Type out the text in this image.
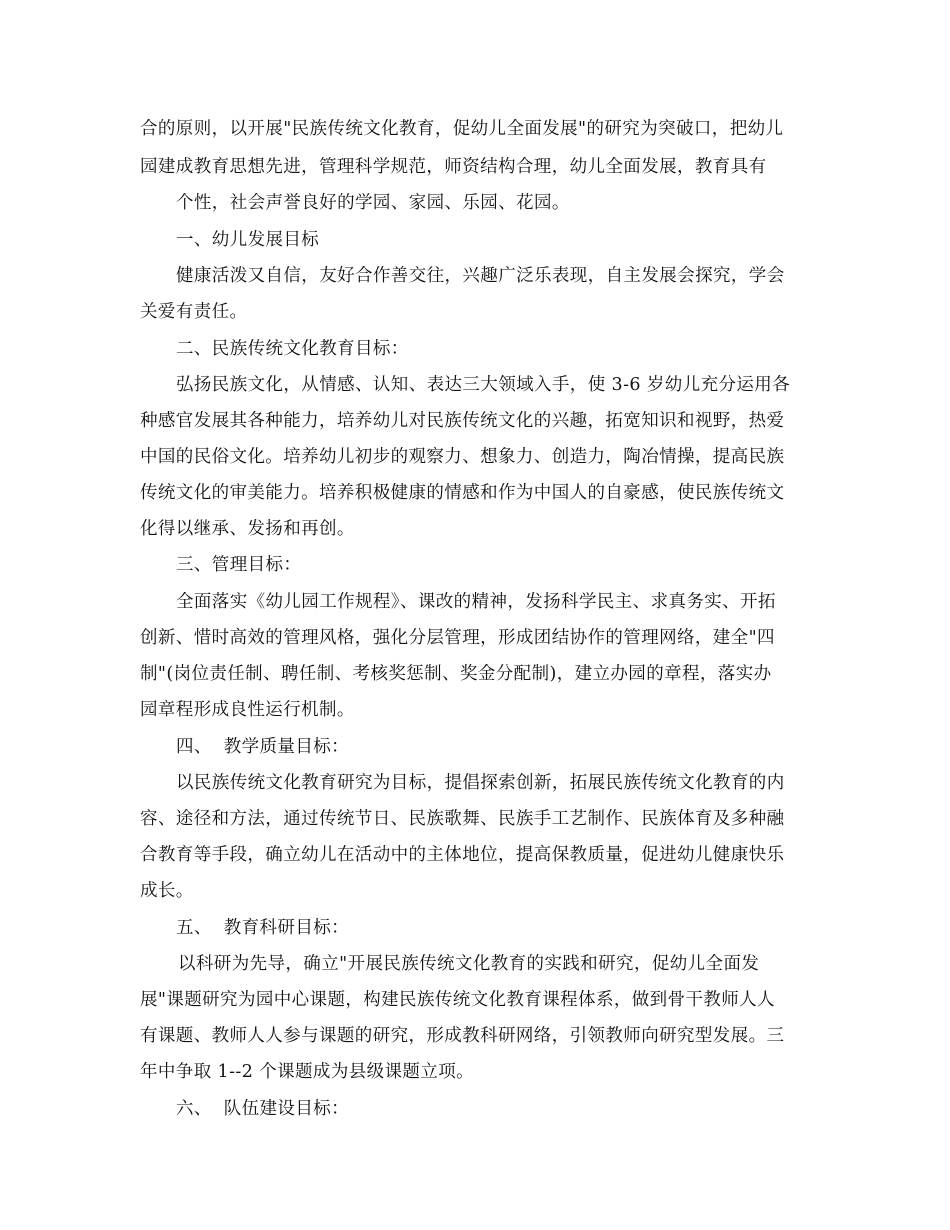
合的原则，以开展"民族传统文化教育，促幼儿全面发展"的研究为突破口，把幼儿
园建成教育思想先进，管理科学规范，师资结构合理，幼儿全面发展，教育具有
个性，社会声誉良好的学园、家园、乐园、花园。
一、幼儿发展目标
健康活泼又自信，友好合作善交往，兴趣广泛乐表现，自主发展会探究，学会
关爱有责任。
二、民族传统文化教育目标：
弘扬民族文化，从情感、认知、表达三大领域入手，使 3-6 岁幼儿充分运用各
种感官发展其各种能力，培养幼儿对民族传统文化的兴趣，拓宽知识和视野，热爱
中国的民俗文化。培养幼儿初步的观察力、想象力、创造力，陶冶情操，提高民族
传统文化的审美能力。培养积极健康的情感和作为中国人的自豪感，使民族传统文
化得以继承、发扬和再创。
三、管理目标：
全面落实《幼儿园工作规程》、课改的精神，发扬科学民主、求真务实、开拓
创新、惜时高效的管理风格，强化分层管理，形成团结协作的管理网络，建全"四
制"(岗位责任制、聘任制、考核奖惩制、奖金分配制)，建立办园的章程，落实办
园章程形成良性运行机制。
四、  教学质量目标：
以民族传统文化教育研究为目标，提倡探索创新，拓展民族传统文化教育的内
容、途径和方法，通过传统节日、民族歌舞、民族手工艺制作、民族体育及多种融
合教育等手段，确立幼儿在活动中的主体地位，提高保教质量，促进幼儿健康快乐
成长。
五、  教育科研目标：
以科研为先导，确立"开展民族传统文化教育的实践和研究，促幼儿全面发
展"课题研究为园中心课题，构建民族传统文化教育课程体系，做到骨干教师人人
有课题、教师人人参与课题的研究，形成教科研网络，引领教师向研究型发展。三
年中争取 1--2 个课题成为县级课题立项。
六、  队伍建设目标：
